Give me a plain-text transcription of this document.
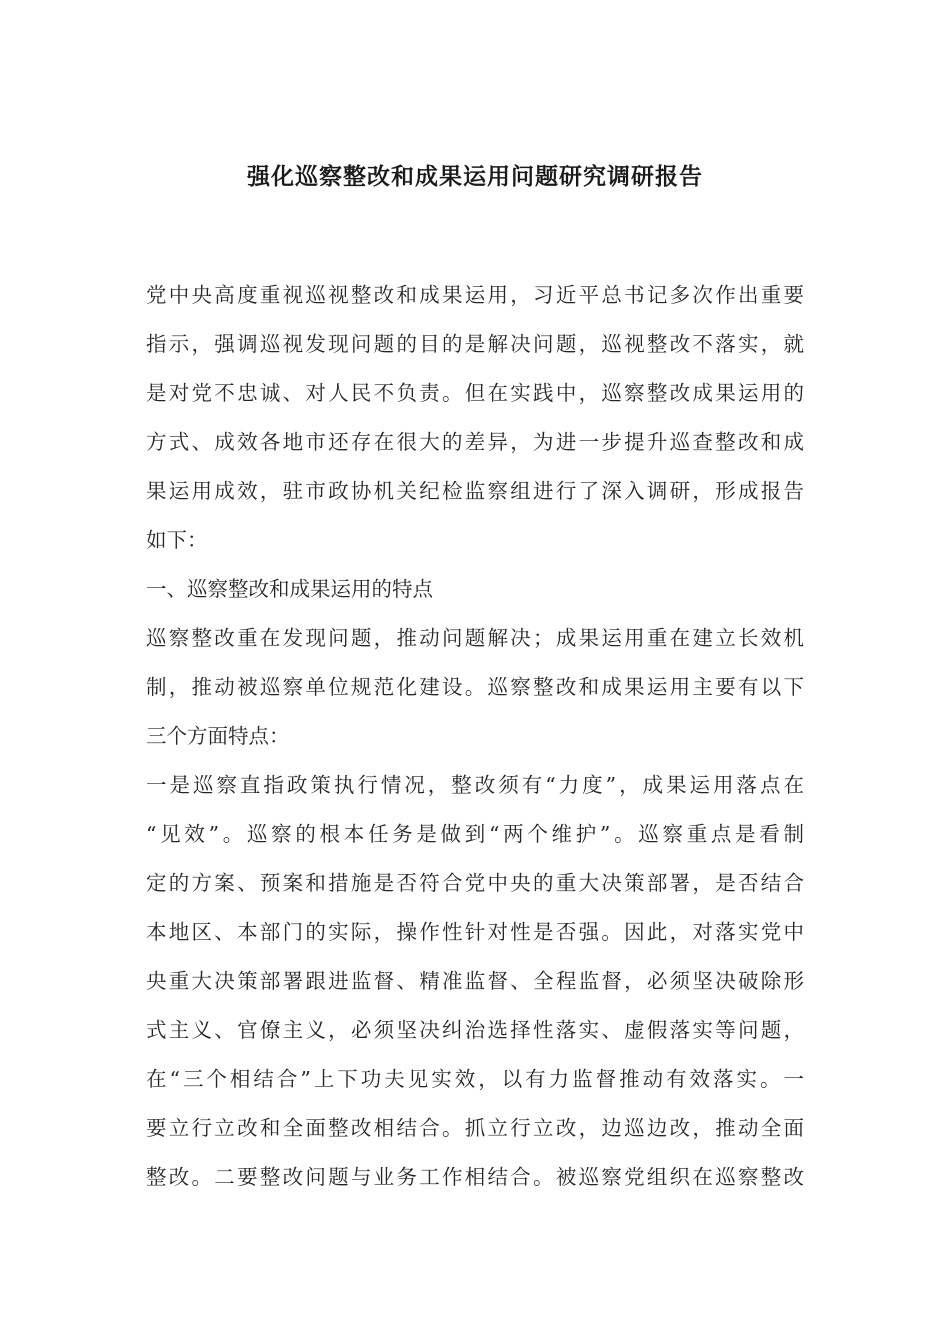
强化巡察整改和成果运用问题研究调研报告
党中央高度重视巡视整改和成果运用，习近平总书记多次作出重要
指示，强调巡视发现问题的目的是解决问题，巡视整改不落实，就
是对党不忠诚、对人民不负责。但在实践中，巡察整改成果运用的
方式、成效各地市还存在很大的差异，为进一步提升巡查整改和成
果运用成效，驻市政协机关纪检监察组进行了深入调研，形成报告
如下：
一、巡察整改和成果运用的特点
巡察整改重在发现问题，推动问题解决；成果运用重在建立长效机
制，推动被巡察单位规范化建设。巡察整改和成果运用主要有以下
三个方面特点：
一是巡察直指政策执行情况，整改须有“力度”，成果运用落点在
“见效”。巡察的根本任务是做到“两个维护”。巡察重点是看制
定的方案、预案和措施是否符合党中央的重大决策部署，是否结合
本地区、本部门的实际，操作性针对性是否强。因此，对落实党中
央重大决策部署跟进监督、精准监督、全程监督，必须坚决破除形
式主义、官僚主义，必须坚决纠治选择性落实、虚假落实等问题，
在“三个相结合”上下功夫见实效，以有力监督推动有效落实。一
要立行立改和全面整改相结合。抓立行立改，边巡边改，推动全面
整改。二要整改问题与业务工作相结合。被巡察党组织在巡察整改
